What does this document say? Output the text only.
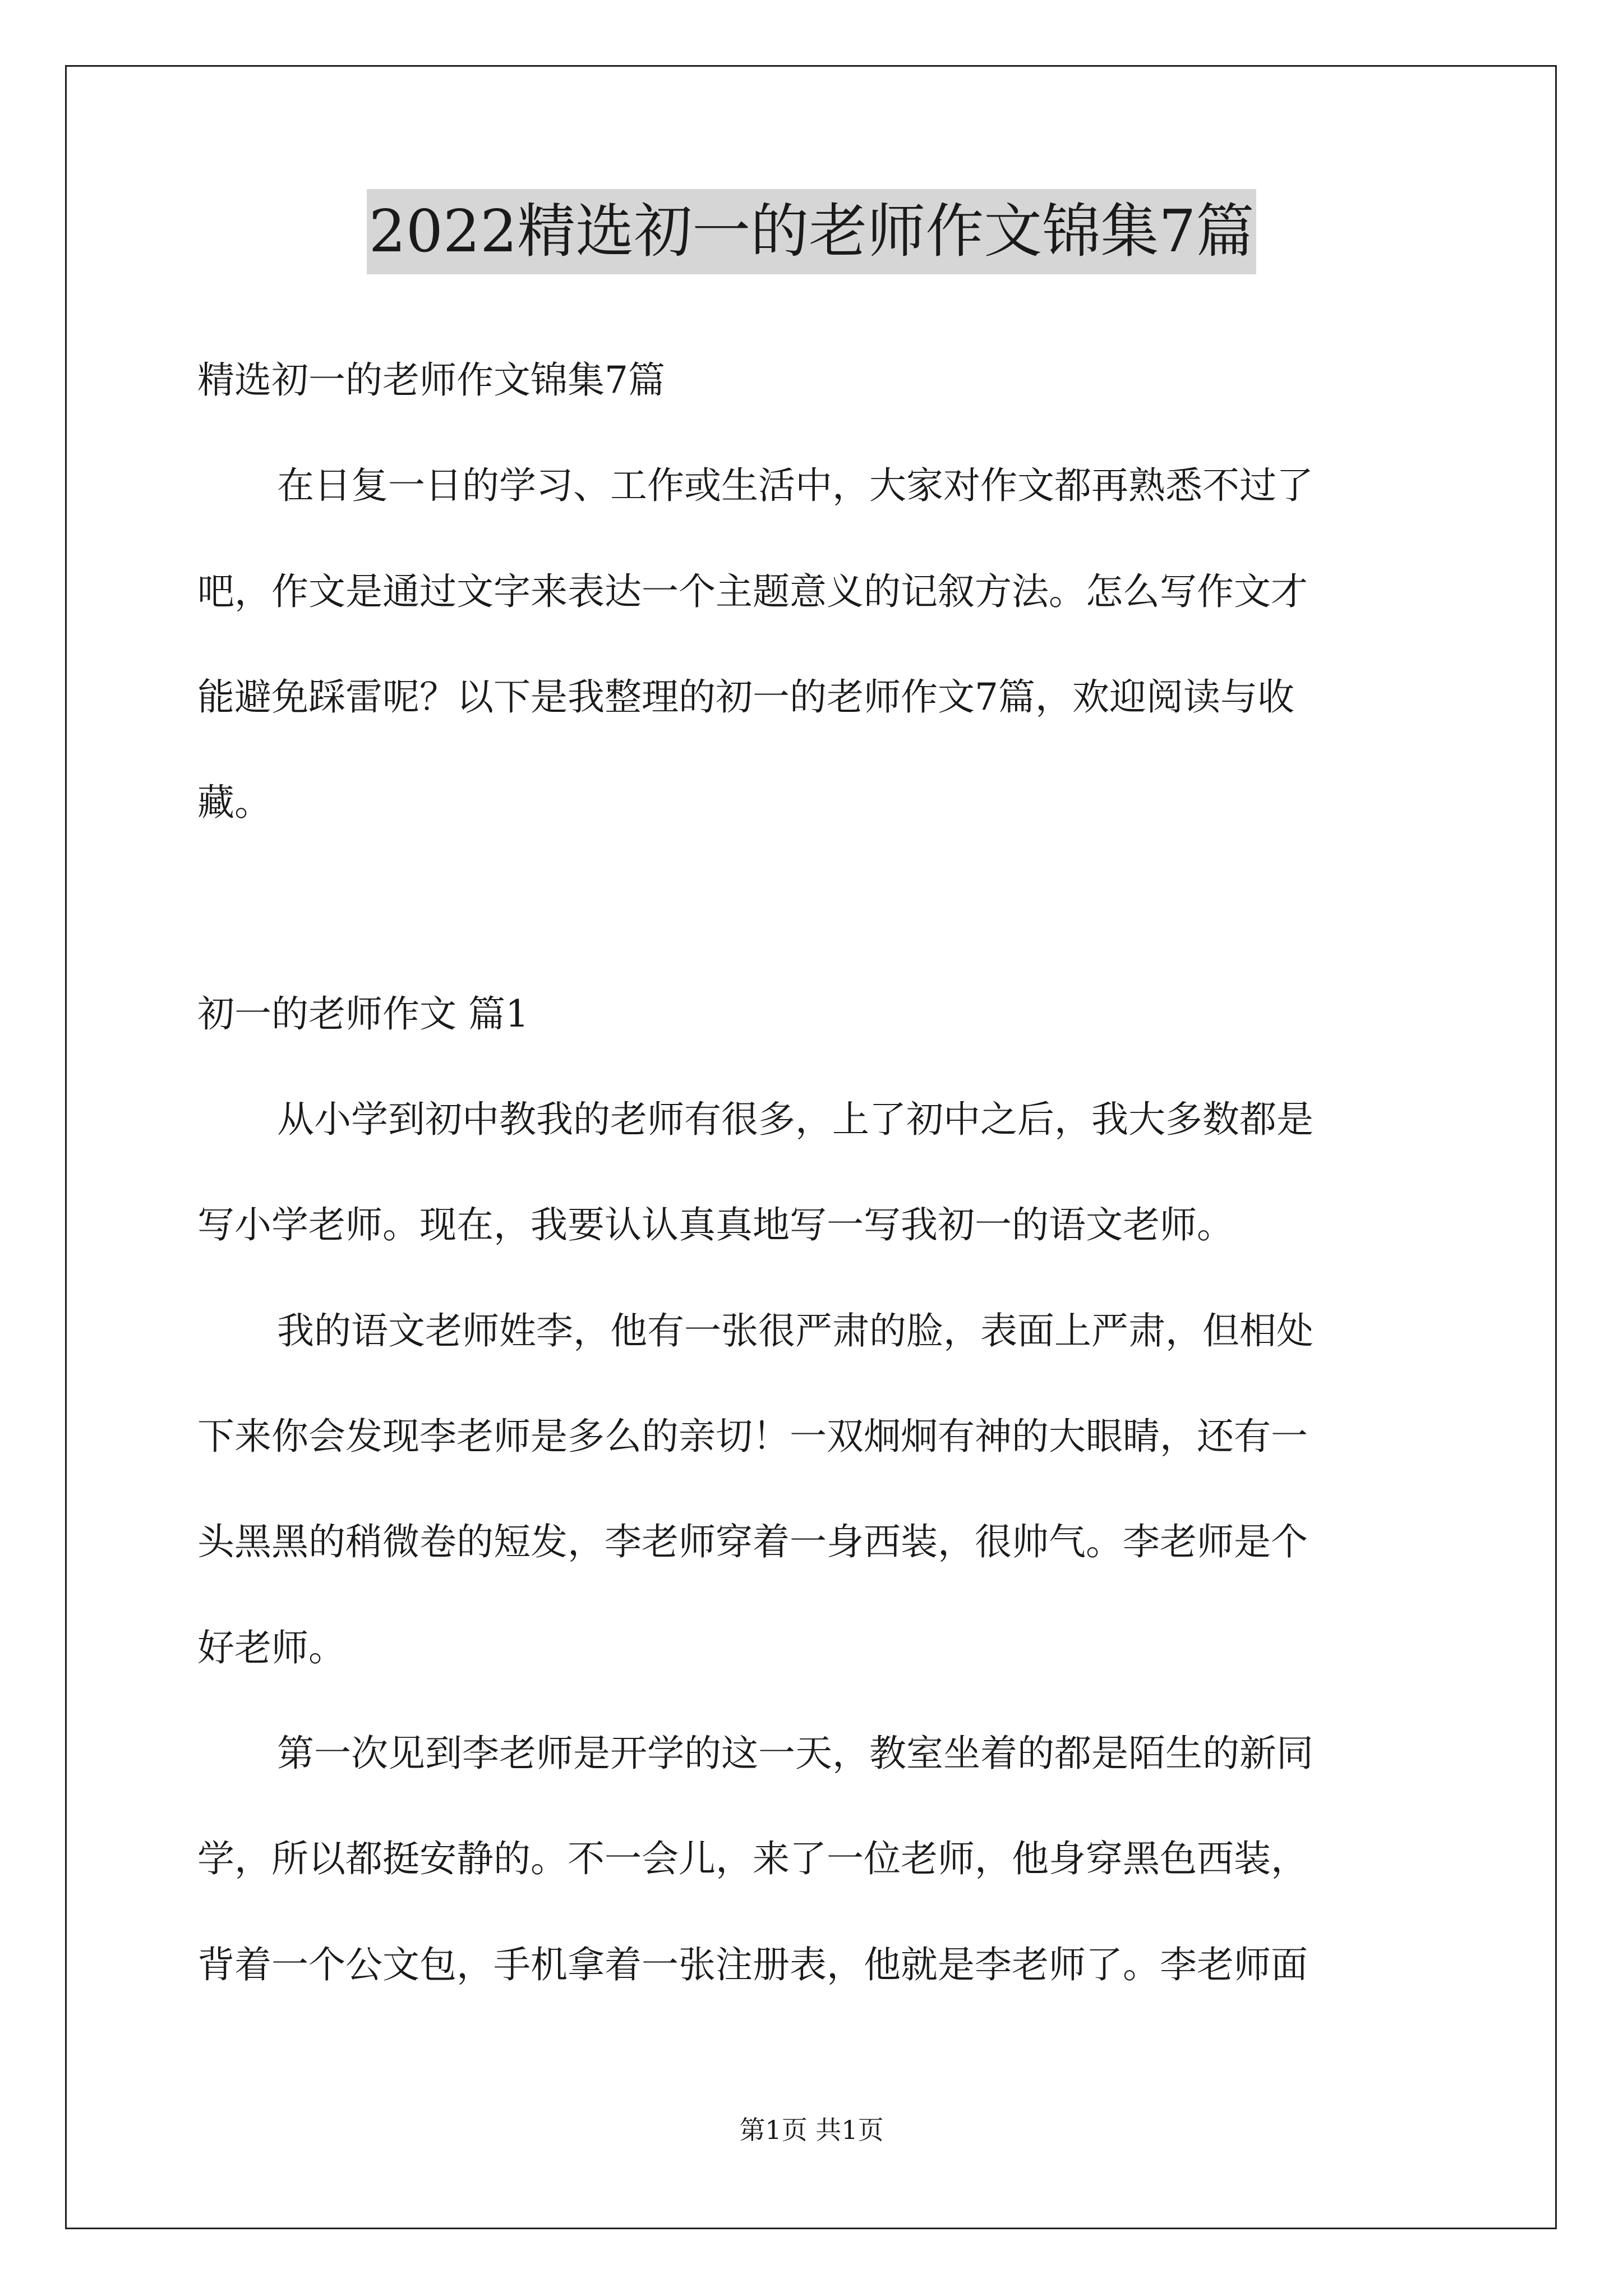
2022精选初一的老师作文锦集7篇

精选初一的老师作文锦集7篇

在日复一日的学习、工作或生活中，大家对作文都再熟悉不过了

吧，作文是通过文字来表达一个主题意义的记叙方法。怎么写作文才

能避免踩雷呢？以下是我整理的初一的老师作文7篇，欢迎阅读与收

藏。

初一的老师作文 篇1

从小学到初中教我的老师有很多，上了初中之后，我大多数都是

写小学老师。现在，我要认认真真地写一写我初一的语文老师。

我的语文老师姓李，他有一张很严肃的脸，表面上严肃，但相处

下来你会发现李老师是多么的亲切！一双炯炯有神的大眼睛，还有一

头黑黑的稍微卷的短发，李老师穿着一身西装，很帅气。李老师是个

好老师。

第一次见到李老师是开学的这一天，教室坐着的都是陌生的新同

学，所以都挺安静的。不一会儿，来了一位老师，他身穿黑色西装，

背着一个公文包，手机拿着一张注册表，他就是李老师了。李老师面

第1页 共1页
